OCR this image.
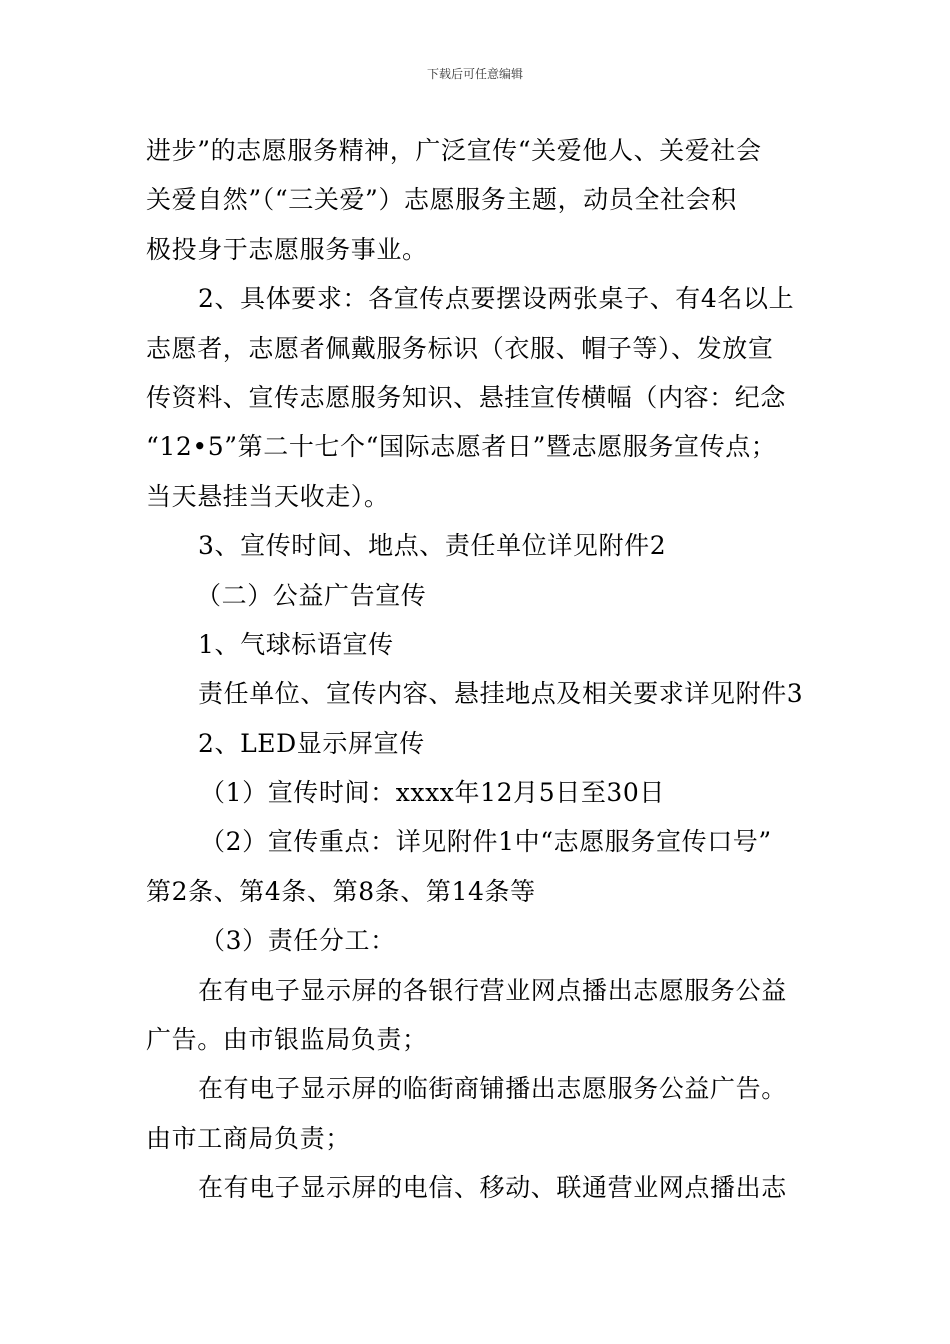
下载后可任意编辑
进步”的志愿服务精神，广泛宣传“关爱他人、关爱社会
关爱自然”（“三关爱”）志愿服务主题，动员全社会积
极投身于志愿服务事业。
2、具体要求：各宣传点要摆设两张桌子、有4名以上
志愿者，志愿者佩戴服务标识（衣服、帽子等）、发放宣
传资料、宣传志愿服务知识、悬挂宣传横幅（内容：纪念
“12•5”第二十七个“国际志愿者日”暨志愿服务宣传点；
当天悬挂当天收走）。
3、宣传时间、地点、责任单位详见附件2
（二）公益广告宣传
1、气球标语宣传
责任单位、宣传内容、悬挂地点及相关要求详见附件3
2、LED显示屏宣传
（1）宣传时间：xxxx年12月5日至30日
（2）宣传重点：详见附件1中“志愿服务宣传口号”
第2条、第4条、第8条、第14条等
（3）责任分工：
在有电子显示屏的各银行营业网点播出志愿服务公益
广告。由市银监局负责；
在有电子显示屏的临街商铺播出志愿服务公益广告。
由市工商局负责；
在有电子显示屏的电信、移动、联通营业网点播出志
